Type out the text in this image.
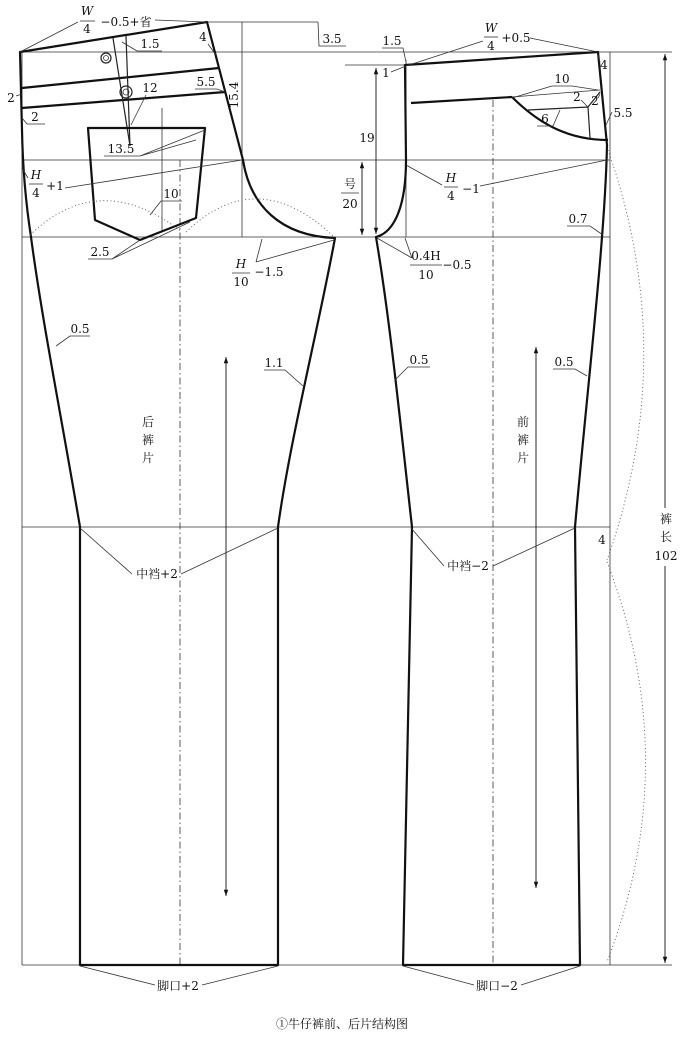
W
4 −0.5+省
1.5	4	3.5
12	5.5 15.4
2
2
13.5
10
H
4 +1
2.5
H
10
−1.5
0.5
1.1
后
裤
片
中裆+2
脚口+2
1.5
1
W
4
+0.5
4
10
2 2
5.5
6
19
号
20
H
4 −1
0.7
0.4H
10
−0.5
0.5	0.5
前
裤
片
中裆−2
脚口−2
裤
长
102
4
①牛仔裤前、后片结构图
